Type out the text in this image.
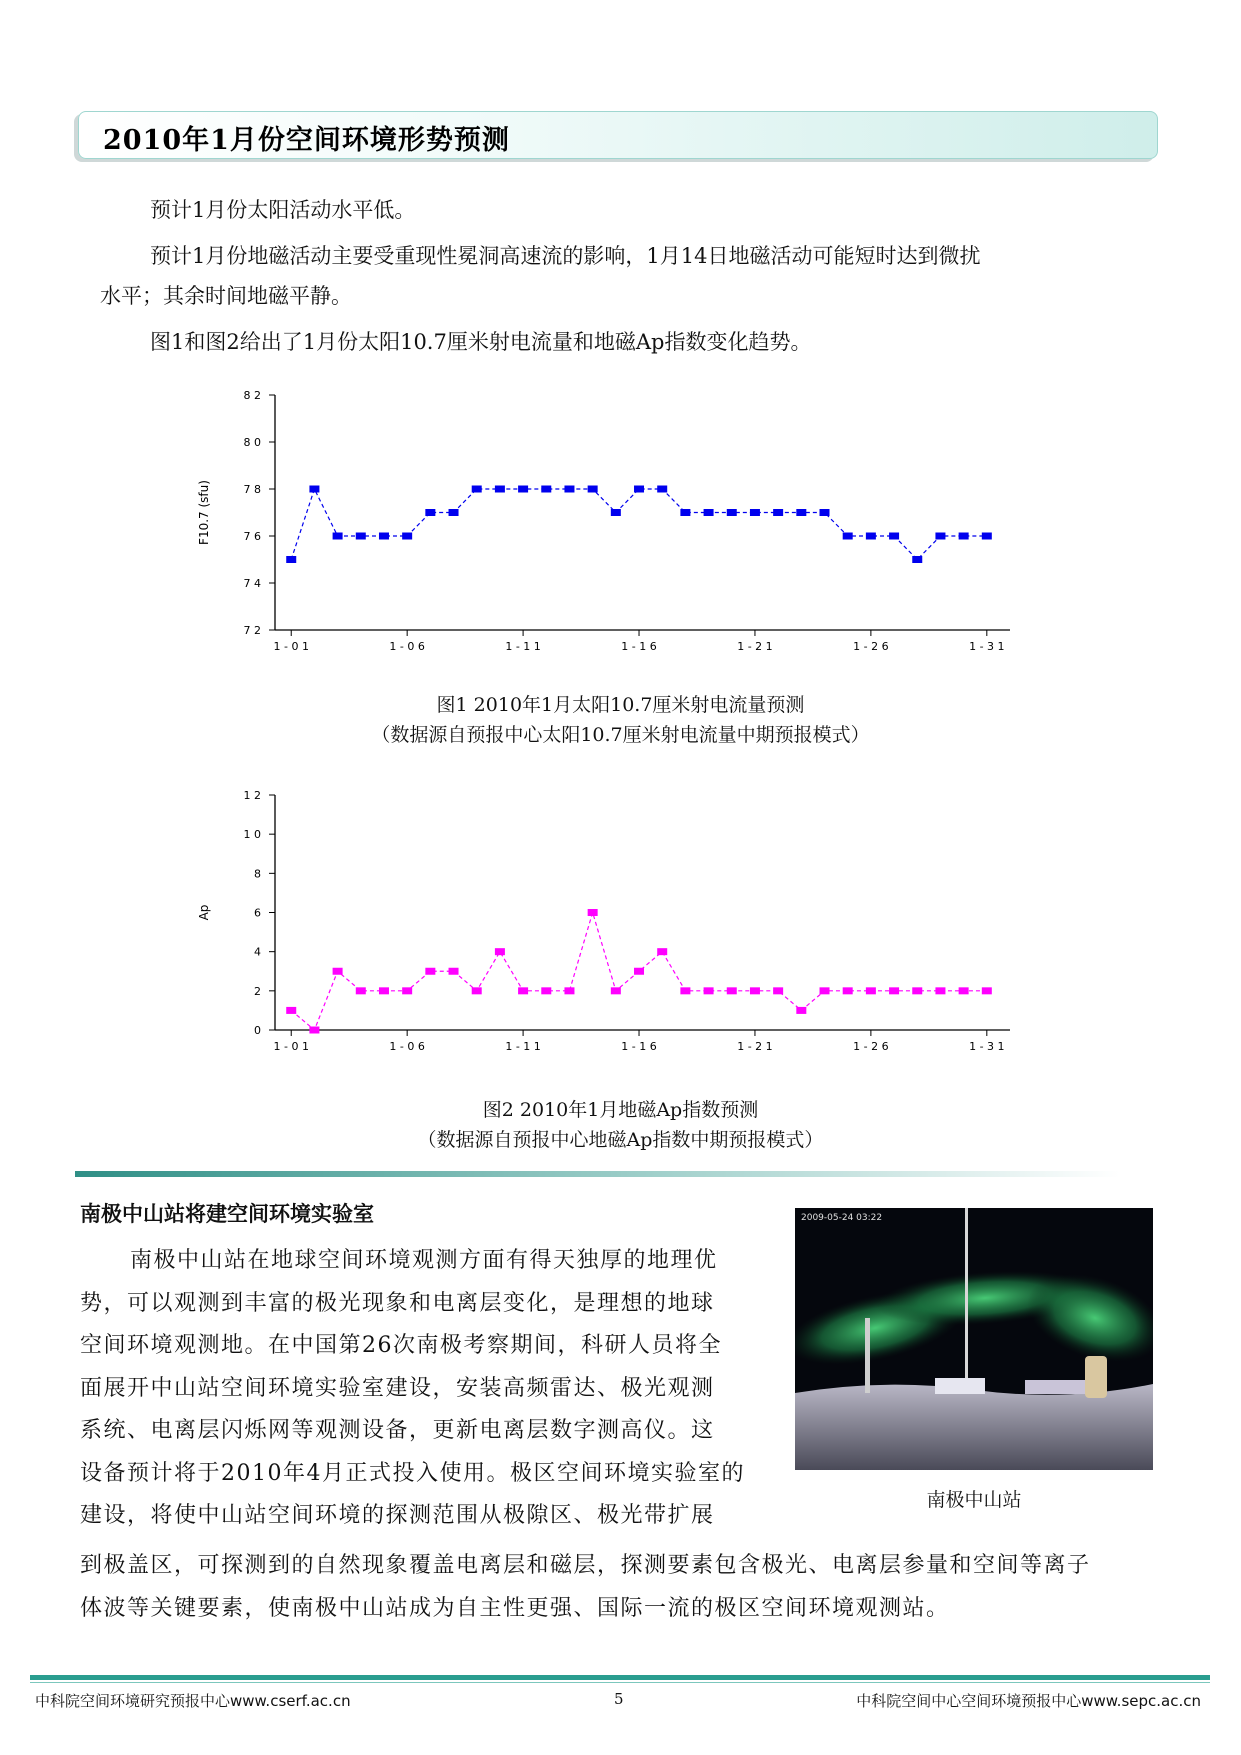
2010年1月份空间环境形势预测
预计1月份太阳活动水平低。
预计1月份地磁活动主要受重现性冕洞高速流的影响，1月14日地磁活动可能短时达到微扰
水平；其余时间地磁平静。
图1和图2给出了1月份太阳10.7厘米射电流量和地磁Ap指数变化趋势。
7 2
7 4
7 6
7 8
8 0
8 2
1 - 0 1	1 - 0 6	1 - 1 1	1 - 1 6	1 - 2 1	1 - 2 6	1 - 3 1
F10.7 (sfu)
图1 2010年1月太阳10.7厘米射电流量预测
（数据源自预报中心太阳10.7厘米射电流量中期预报模式）
0
2
4
6
8
1 0
1 2
1 - 0 1	1 - 0 6	1 - 1 1	1 - 1 6	1 - 2 1	1 - 2 6	1 - 3 1
Ap
图2 2010年1月地磁Ap指数预测
（数据源自预报中心地磁Ap指数中期预报模式）
南极中山站将建空间环境实验室
南极中山站在地球空间环境观测方面有得天独厚的地理优
势，可以观测到丰富的极光现象和电离层变化，是理想的地球
空间环境观测地。在中国第26次南极考察期间，科研人员将全
面展开中山站空间环境实验室建设，安装高频雷达、极光观测
系统、电离层闪烁网等观测设备，更新电离层数字测高仪。这
设备预计将于2010年4月正式投入使用。极区空间环境实验室的
建设，将使中山站空间环境的探测范围从极隙区、极光带扩展
到极盖区，可探测到的自然现象覆盖电离层和磁层，探测要素包含极光、电离层参量和空间等离子
体波等关键要素，使南极中山站成为自主性更强、国际一流的极区空间环境观测站。
2009-05-24 03:22
南极中山站
中科院空间环境研究预报中心www.cserf.ac.cn	5	中科院空间中心空间环境预报中心www.sepc.ac.cn
